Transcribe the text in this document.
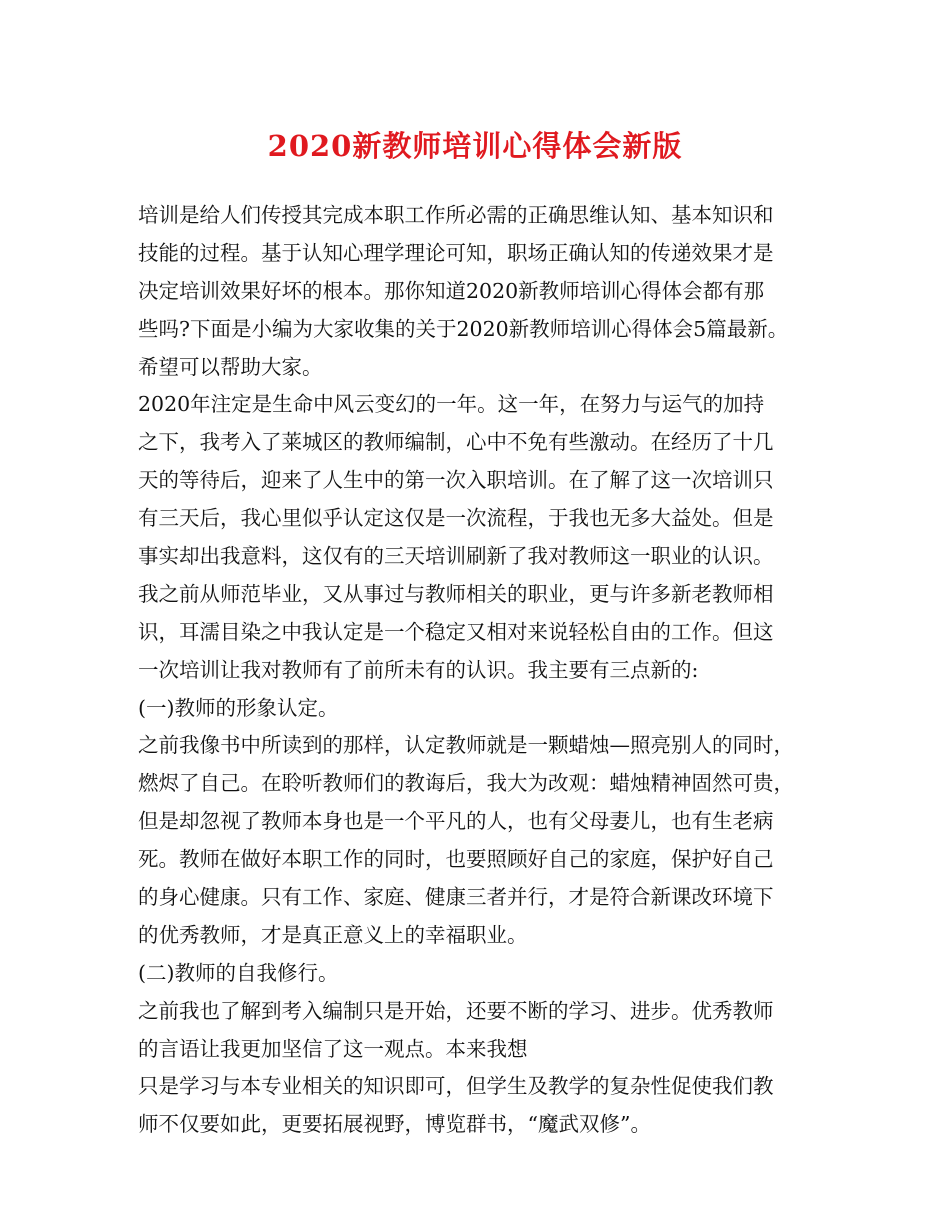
2020新教师培训心得体会新版
培训是给人们传授其完成本职工作所必需的正确思维认知、基本知识和
技能的过程。基于认知心理学理论可知，职场正确认知的传递效果才是
决定培训效果好坏的根本。那你知道2020新教师培训心得体会都有那
些吗?下面是小编为大家收集的关于2020新教师培训心得体会5篇最新。
希望可以帮助大家。
2020年注定是生命中风云变幻的一年。这一年，在努力与运气的加持
之下，我考入了莱城区的教师编制，心中不免有些激动。在经历了十几
天的等待后，迎来了人生中的第一次入职培训。在了解了这一次培训只
有三天后，我心里似乎认定这仅是一次流程，于我也无多大益处。但是
事实却出我意料，这仅有的三天培训刷新了我对教师这一职业的认识。
我之前从师范毕业，又从事过与教师相关的职业，更与许多新老教师相
识，耳濡目染之中我认定是一个稳定又相对来说轻松自由的工作。但这
一次培训让我对教师有了前所未有的认识。我主要有三点新的:
(一)教师的形象认定。
之前我像书中所读到的那样，认定教师就是一颗蜡烛—照亮别人的同时，
燃烬了自己。在聆听教师们的教诲后，我大为改观：蜡烛精神固然可贵，
但是却忽视了教师本身也是一个平凡的人，也有父母妻儿，也有生老病
死。教师在做好本职工作的同时，也要照顾好自己的家庭，保护好自己
的身心健康。只有工作、家庭、健康三者并行，才是符合新课改环境下
的优秀教师，才是真正意义上的幸福职业。
(二)教师的自我修行。
之前我也了解到考入编制只是开始，还要不断的学习、进步。优秀教师
的言语让我更加坚信了这一观点。本来我想
只是学习与本专业相关的知识即可，但学生及教学的复杂性促使我们教
师不仅要如此，更要拓展视野，博览群书，“魔武双修”。
